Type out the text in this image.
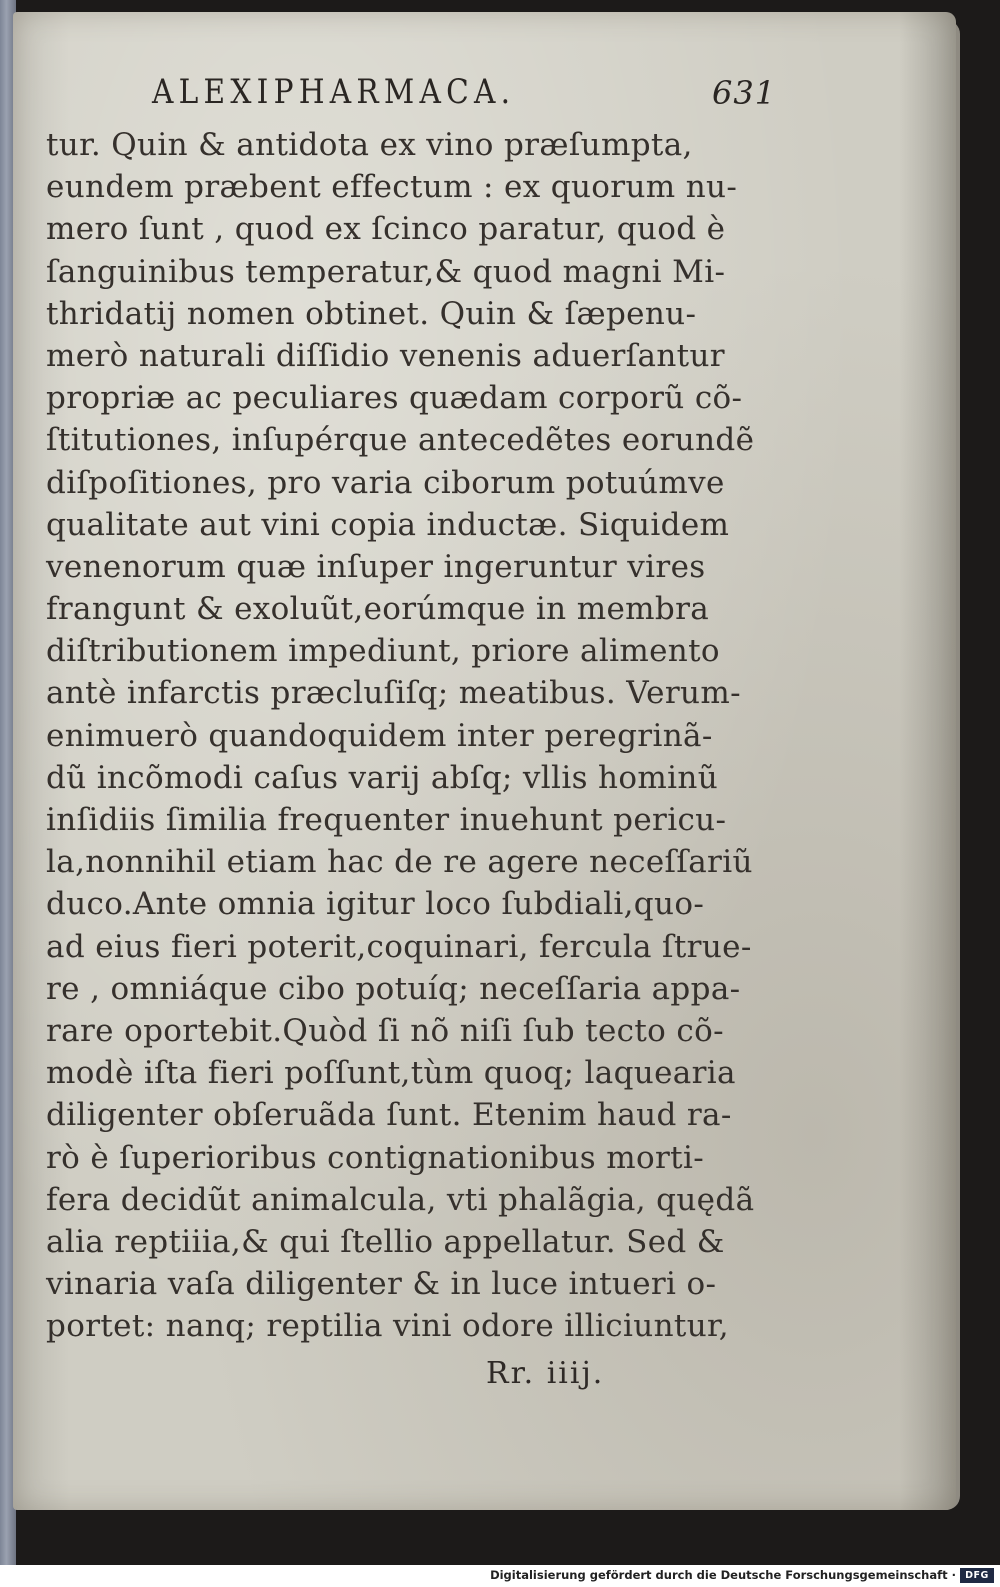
ALEXIPHARMACA.	631
tur. Quin & antidota ex vino præſumpta,
eundem præbent effectum : ex quorum nu-
mero ſunt , quod ex ſcinco paratur, quod è
ſanguinibus temperatur,& quod magni Mi-
thridatij nomen obtinet. Quin & ſæpenu-
merò naturali diſſidio venenis aduerſantur
propriæ ac peculiares quædam corporũ cõ-
ſtitutiones, inſupérque antecedẽtes eorundẽ
diſpoſitiones, pro varia ciborum potuúmve
qualitate aut vini copia inductæ. Siquidem
venenorum quæ inſuper ingeruntur vires
frangunt & exoluũt,eorúmque in membra
diſtributionem impediunt, priore alimento
antè infarctis præcluſiſq; meatibus. Verum-
enimuerò quandoquidem inter peregrinã-
dũ incõmodi caſus varij abſq; vllis hominũ
inſidiis ſimilia frequenter inuehunt pericu-
la,nonnihil etiam hac de re agere neceſſariũ
duco.Ante omnia igitur loco ſubdiali,quo-
ad eius fieri poterit,coquinari, fercula ſtrue-
re , omniáque cibo potuíq; neceſſaria appa-
rare oportebit.Quòd ſi nõ niſi ſub tecto cõ-
modè iſta fieri poſſunt,tùm quoq; laquearia
diligenter obſeruãda ſunt. Etenim haud ra-
rò è ſuperioribus contignationibus morti-
fera decidũt animalcula, vti phalãgia, quędã
alia reptiiia,& qui ſtellio appellatur. Sed &
vinaria vaſa diligenter & in luce intueri o-
portet: nanq; reptilia vini odore illiciuntur,
Rr. iiij.
Digitalisierung gefördert durch die Deutsche Forschungsgemeinschaft · DFG
